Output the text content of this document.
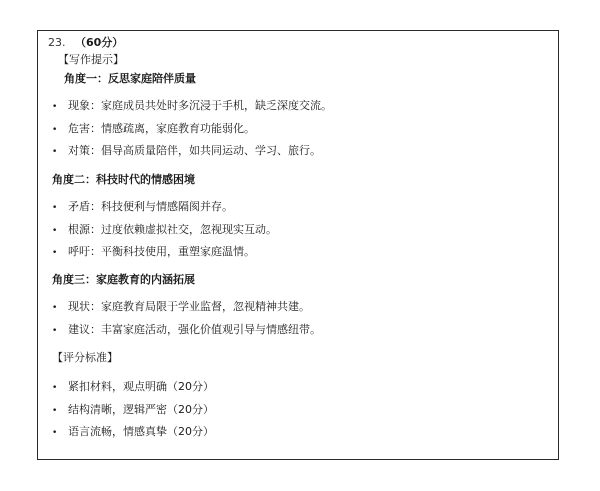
23. （60分）
【写作提示】
角度一：反思家庭陪伴质量
• 现象：家庭成员共处时多沉浸于手机，缺乏深度交流。
• 危害：情感疏离，家庭教育功能弱化。
• 对策：倡导高质量陪伴，如共同运动、学习、旅行。
角度二：科技时代的情感困境
• 矛盾：科技便利与情感隔阂并存。
• 根源：过度依赖虚拟社交，忽视现实互动。
• 呼吁：平衡科技使用，重塑家庭温情。
角度三：家庭教育的内涵拓展
• 现状：家庭教育局限于学业监督，忽视精神共建。
• 建议：丰富家庭活动，强化价值观引导与情感纽带。
【评分标准】
• 紧扣材料，观点明确（20分）
• 结构清晰，逻辑严密（20分）
• 语言流畅，情感真挚（20分）
